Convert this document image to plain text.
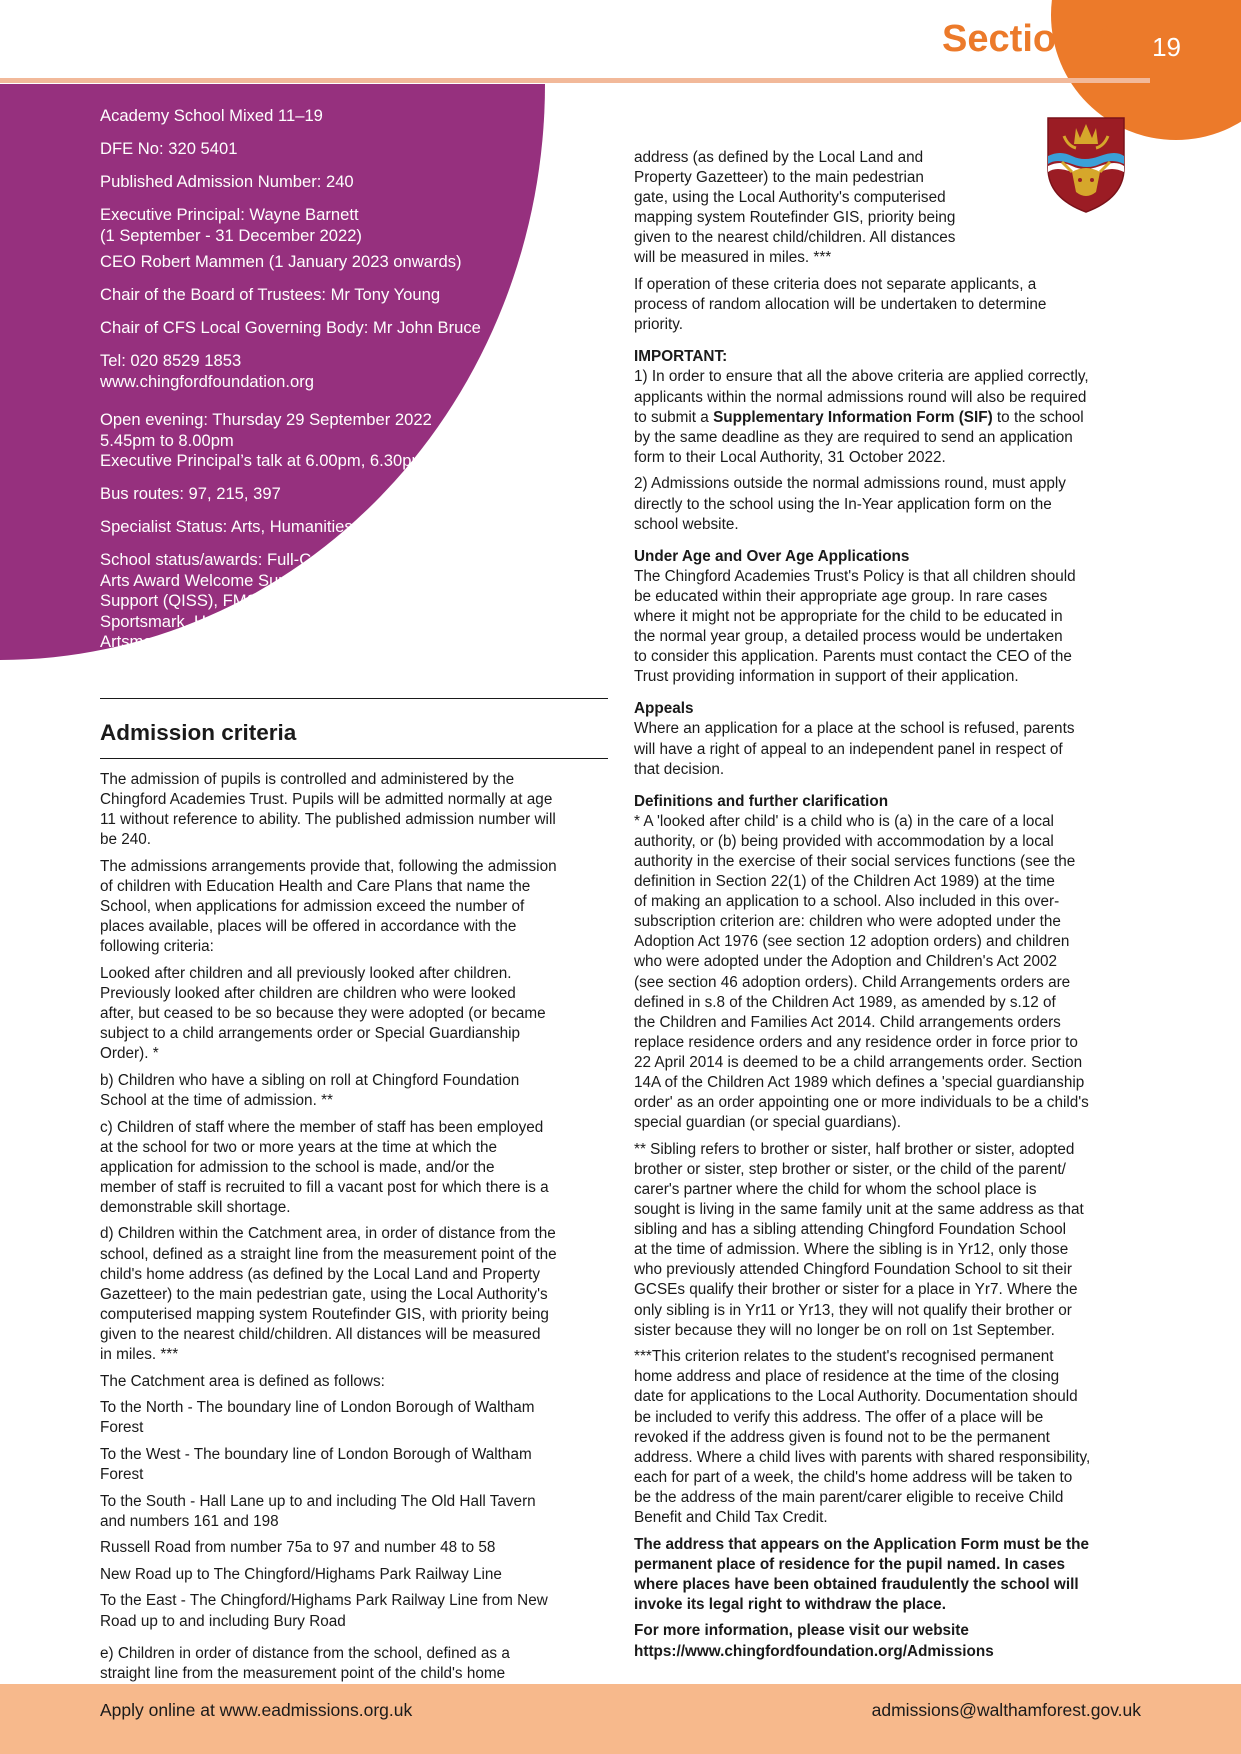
Section 3 19

Academy School Mixed 11–19

DFE No: 320 5401

Published Admission Number: 240

Executive Principal: Wayne Barnett
(1 September - 31 December 2022)

CEO Robert Mammen (1 January 2023 onwards)

Chair of the Board of Trustees: Mr Tony Young

Chair of CFS Local Governing Body: Mr John Bruce

Tel: 020 8529 1853
www.chingfordfoundation.org

Open evening: Thursday 29 September 2022
5.45pm to 8.00pm
Executive Principal’s talk at 6.00pm, 6.30pm and 7.00pm

Bus routes: 97, 215, 397

Specialist Status: Arts, Humanities and Sports

School status/awards: Full-Core Extended School;
Arts Award Welcome Supporter, Quality in Study
Support (QISS), FMSIS, Sports England
Sportsmark, Healthy School and
Artsmark (Gold)

Admission criteria

The admission of pupils is controlled and administered by the
Chingford Academies Trust. Pupils will be admitted normally at age
11 without reference to ability. The published admission number will
be 240.

The admissions arrangements provide that, following the admission
of children with Education Health and Care Plans that name the
School, when applications for admission exceed the number of
places available, places will be offered in accordance with the
following criteria:

Looked after children and all previously looked after children.
Previously looked after children are children who were looked
after, but ceased to be so because they were adopted (or became
subject to a child arrangements order or Special Guardianship
Order). *

b) Children who have a sibling on roll at Chingford Foundation
School at the time of admission. **

c) Children of staff where the member of staff has been employed
at the school for two or more years at the time at which the
application for admission to the school is made, and/or the
member of staff is recruited to fill a vacant post for which there is a
demonstrable skill shortage.

d) Children within the Catchment area, in order of distance from the
school, defined as a straight line from the measurement point of the
child's home address (as defined by the Local Land and Property
Gazetteer) to the main pedestrian gate, using the Local Authority's
computerised mapping system Routefinder GIS, with priority being
given to the nearest child/children. All distances will be measured
in miles. ***

The Catchment area is defined as follows:

To the North - The boundary line of London Borough of Waltham
Forest

To the West - The boundary line of London Borough of Waltham
Forest

To the South - Hall Lane up to and including The Old Hall Tavern
and numbers 161 and 198

Russell Road from number 75a to 97 and number 48 to 58

New Road up to The Chingford/Highams Park Railway Line

To the East - The Chingford/Highams Park Railway Line from New
Road up to and including Bury Road

e) Children in order of distance from the school, defined as a
straight line from the measurement point of the child's home

address (as defined by the Local Land and
Property Gazetteer) to the main pedestrian
gate, using the Local Authority's computerised
mapping system Routefinder GIS, priority being
given to the nearest child/children. All distances
will be measured in miles. ***

If operation of these criteria does not separate applicants, a
process of random allocation will be undertaken to determine
priority.

IMPORTANT:

1) In order to ensure that all the above criteria are applied correctly,
applicants within the normal admissions round will also be required
to submit a Supplementary Information Form (SIF) to the school
by the same deadline as they are required to send an application
form to their Local Authority, 31 October 2022.

2) Admissions outside the normal admissions round, must apply
directly to the school using the In-Year application form on the
school website.

Under Age and Over Age Applications

The Chingford Academies Trust's Policy is that all children should
be educated within their appropriate age group. In rare cases
where it might not be appropriate for the child to be educated in
the normal year group, a detailed process would be undertaken
to consider this application. Parents must contact the CEO of the
Trust providing information in support of their application.

Appeals

Where an application for a place at the school is refused, parents
will have a right of appeal to an independent panel in respect of
that decision.

Definitions and further clarification

* A 'looked after child' is a child who is (a) in the care of a local
authority, or (b) being provided with accommodation by a local
authority in the exercise of their social services functions (see the
definition in Section 22(1) of the Children Act 1989) at the time
of making an application to a school. Also included in this over-
subscription criterion are: children who were adopted under the
Adoption Act 1976 (see section 12 adoption orders) and children
who were adopted under the Adoption and Children's Act 2002
(see section 46 adoption orders). Child Arrangements orders are
defined in s.8 of the Children Act 1989, as amended by s.12 of
the Children and Families Act 2014. Child arrangements orders
replace residence orders and any residence order in force prior to
22 April 2014 is deemed to be a child arrangements order. Section
14A of the Children Act 1989 which defines a 'special guardianship
order' as an order appointing one or more individuals to be a child's
special guardian (or special guardians).

** Sibling refers to brother or sister, half brother or sister, adopted
brother or sister, step brother or sister, or the child of the parent/
carer's partner where the child for whom the school place is
sought is living in the same family unit at the same address as that
sibling and has a sibling attending Chingford Foundation School
at the time of admission. Where the sibling is in Yr12, only those
who previously attended Chingford Foundation School to sit their
GCSEs qualify their brother or sister for a place in Yr7. Where the
only sibling is in Yr11 or Yr13, they will not qualify their brother or
sister because they will no longer be on roll on 1st September.

***This criterion relates to the student's recognised permanent
home address and place of residence at the time of the closing
date for applications to the Local Authority. Documentation should
be included to verify this address. The offer of a place will be
revoked if the address given is found not to be the permanent
address. Where a child lives with parents with shared responsibility,
each for part of a week, the child's home address will be taken to
be the address of the main parent/carer eligible to receive Child
Benefit and Child Tax Credit.

The address that appears on the Application Form must be the
permanent place of residence for the pupil named. In cases
where places have been obtained fraudulently the school will
invoke its legal right to withdraw the place.

For more information, please visit our website
https://www.chingfordfoundation.org/Admissions

Apply online at www.eadmissions.org.uk	admissions@walthamforest.gov.uk
